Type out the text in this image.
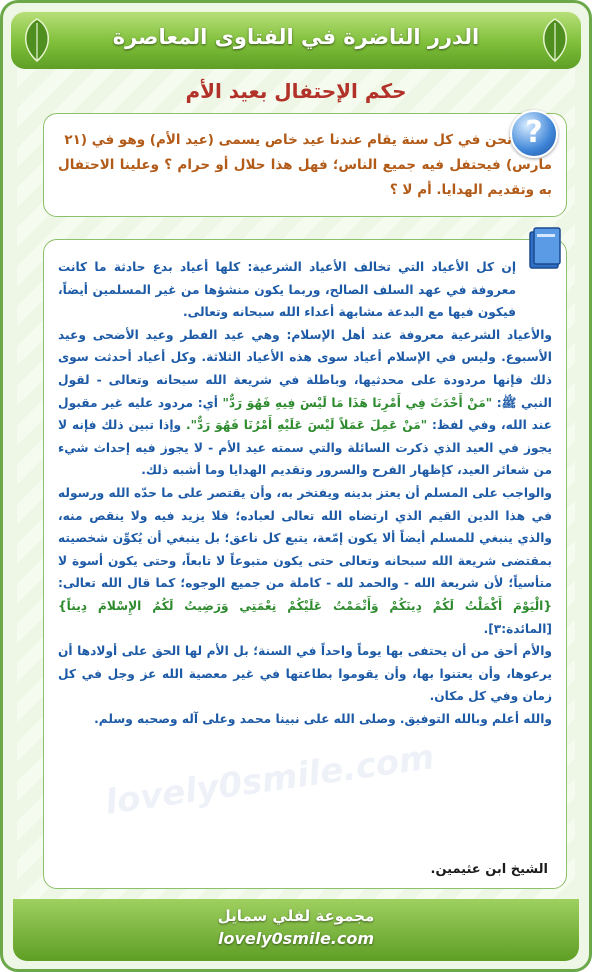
الدرر الناضرة في الفتاوى المعاصرة
حكم الإحتفال بعيد الأم
?
نحن في كل سنة يقام عندنا عيد خاص يسمى (عيد الأم) وهو في (٢١
مارس) فيحتفل فيه جميع الناس؛ فهل هذا حلال أو حرام ؟ وعلينا الاحتفال به وتقديم الهدايا. أم لا ؟
lovely0smile.com

إن كل الأعياد التي تخالف الأعياد الشرعية: كلها أعياد بدع حادثة ما كانت معروفة في عهد السلف الصالح، وربما يكون منشؤها من غير المسلمين أيضاً، فيكون فيها مع البدعة مشابهة أعداء الله سبحانه وتعالى.

والأعياد الشرعية معروفة عند أهل الإسلام: وهي عيد الفطر وعيد الأضحى وعيد الأسبوع. وليس في الإسلام أعياد سوى هذه الأعياد الثلاثة. وكل أعياد أحدثت سوى ذلك فإنها مردودة على محدثيها، وباطلة في شريعة الله سبحانه وتعالى - لقول النبي ﷺ: "مَنْ أَحْدَثَ فِي أَمْرِنَا هَذَا مَا لَيْسَ فِيهِ فَهُوَ رَدٌّ" أي: مردود عليه غير مقبول عند الله، وفي لفظ: "مَنْ عَمِلَ عَمَلاً لَيْسَ عَلَيْهِ أَمْرُنَا فَهُوَ رَدٌّ". وإذا تبين ذلك فإنه لا يجوز في العيد الذي ذكرت السائلة والتي سمته عيد الأم - لا يجوز فيه إحداث شيء من شعائر العيد، كإظهار الفرح والسرور وتقديم الهدايا وما أشبه ذلك.

والواجب على المسلم أن يعتز بدينه ويفتخر به، وأن يقتصر على ما حدّه الله ورسوله في هذا الدين القيم الذي ارتضاه الله تعالى لعباده؛ فلا يزيد فيه ولا ينقص منه، والذي ينبغي للمسلم أيضاً ألا يكون إمّعة، يتبع كل ناعق؛ بل ينبغي أن يُكوِّن شخصيته بمقتضى شريعة الله سبحانه وتعالى حتى يكون متبوعاً لا تابعاً، وحتى يكون أسوة لا متأسياً؛ لأن شريعة الله - والحمد لله - كاملة من جميع الوجوه؛ كما قال الله تعالى: {الْيَوْمَ أَكْمَلْتُ لَكُمْ دِينَكُمْ وَأَتْمَمْتُ عَلَيْكُمْ نِعْمَتِي وَرَضِيتُ لَكُمُ الإِسْلامَ دِيناً} [المائدة:٣].

والأم أحق من أن يحتفى بها يوماً واحداً في السنة؛ بل الأم لها الحق على أولادها أن يرعوها، وأن يعتنوا بها، وأن يقوموا بطاعتها في غير معصية الله عز وجل في كل زمان وفي كل مكان.

والله أعلم وبالله التوفيق. وصلى الله على نبينا محمد وعلى آله وصحبه وسلم.

الشيخ ابن عثيمين.
مجموعة لفلي سمايل
lovely0smile.com
